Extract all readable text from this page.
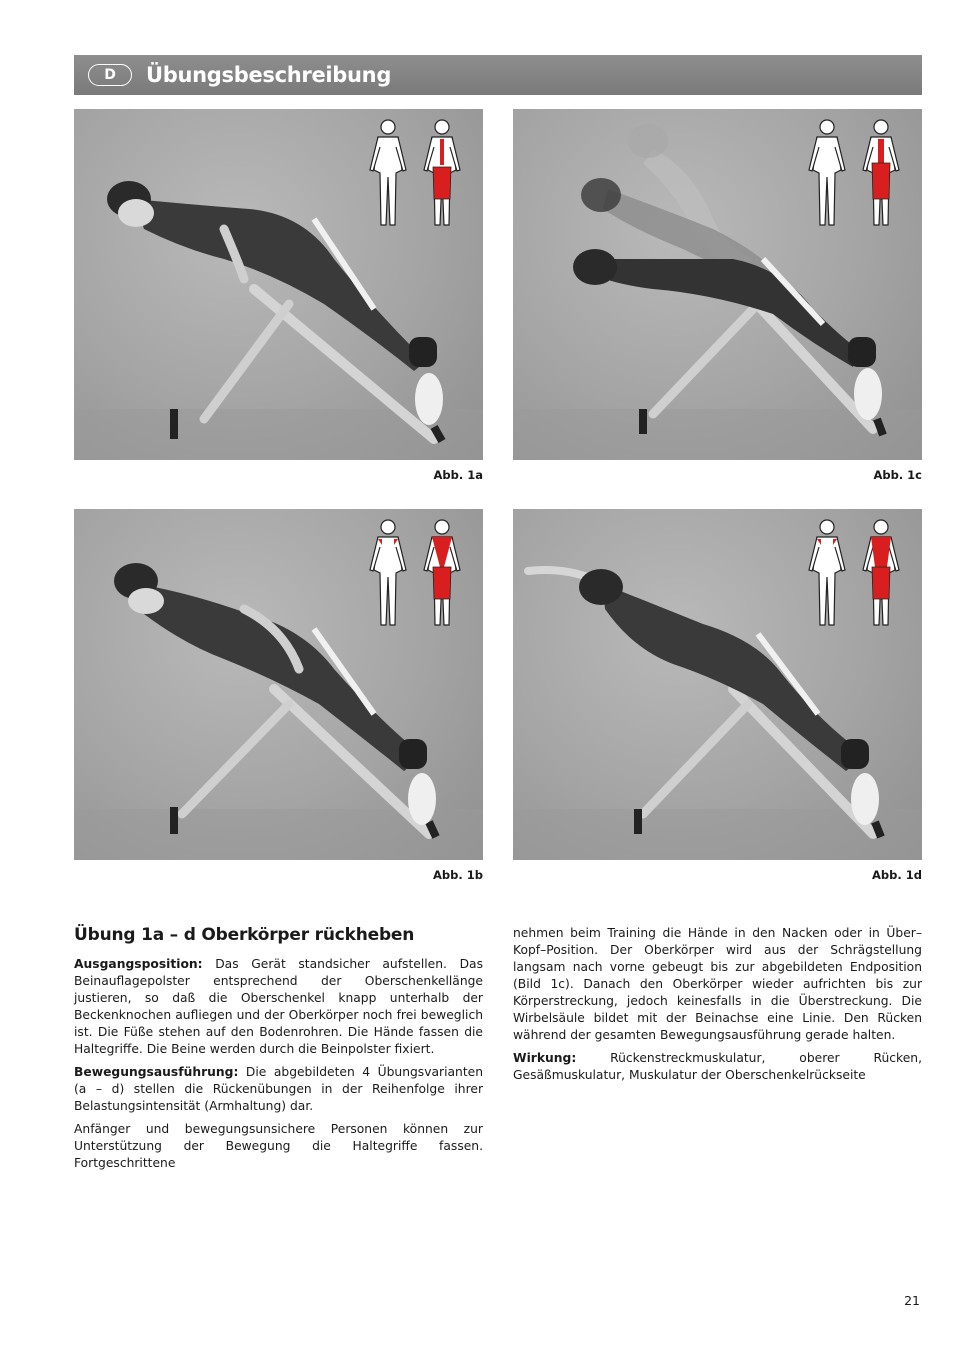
D	Übungsbeschreibung
Abb. 1a	Abb. 1c
Abb. 1b	Abb. 1d
Übung 1a – d Oberkörper rückheben

Ausgangsposition: Das Gerät standsicher aufstellen. Das Beinauflagepolster entsprechend der Oberschenkellänge justieren, so daß die Oberschenkel knapp unterhalb der Beckenknochen aufliegen und der Oberkörper noch frei beweglich ist. Die Füße stehen auf den Bodenrohren. Die Hände fassen die Haltegriffe. Die Beine werden durch die Beinpolster fixiert.

Bewegungsausführung: Die abgebildeten 4 Übungsvarianten (a – d) stellen die Rückenübungen in der Reihenfolge ihrer Belastungsintensität (Armhaltung) dar.

Anfänger und bewegungsunsichere Personen können zur Unterstützung der Bewegung die Haltegriffe fassen. Fortgeschrittene

nehmen beim Training die Hände in den Nacken oder in Über–Kopf–Position. Der Oberkörper wird aus der Schrägstellung langsam nach vorne gebeugt bis zur abgebildeten Endposition (Bild 1c). Danach den Oberkörper wieder aufrichten bis zur Körperstreckung, jedoch keinesfalls in die Überstreckung. Die Wirbelsäule bildet mit der Beinachse eine Linie. Den Rücken während der gesamten Bewegungsausführung gerade halten.

Wirkung: Rückenstreckmuskulatur, oberer Rücken, Gesäßmuskulatur, Muskulatur der Oberschenkelrückseite

21
